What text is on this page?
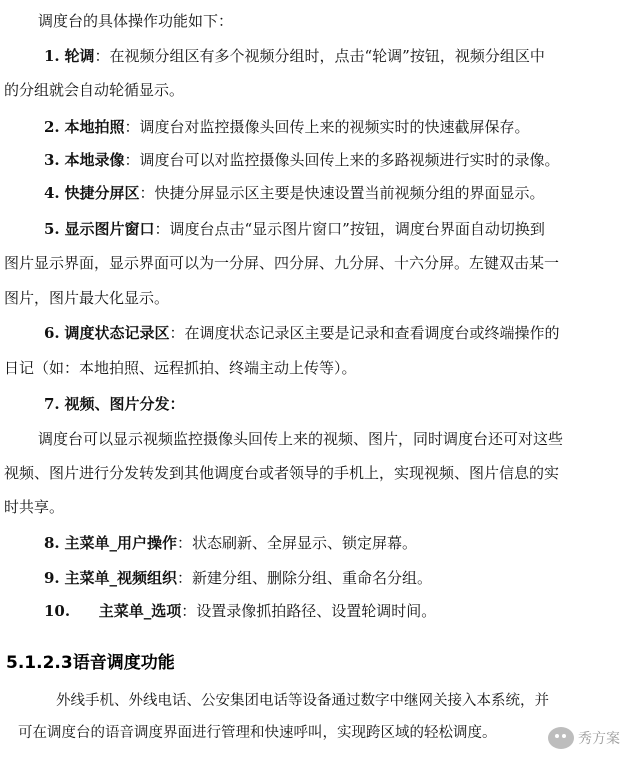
调度台的具体操作功能如下：
1. 轮调：在视频分组区有多个视频分组时，点击“轮调”按钮，视频分组区中
的分组就会自动轮循显示。
2. 本地拍照：调度台对监控摄像头回传上来的视频实时的快速截屏保存。
3. 本地录像：调度台可以对监控摄像头回传上来的多路视频进行实时的录像。
4. 快捷分屏区：快捷分屏显示区主要是快速设置当前视频分组的界面显示。
5. 显示图片窗口：调度台点击“显示图片窗口”按钮，调度台界面自动切换到
图片显示界面，显示界面可以为一分屏、四分屏、九分屏、十六分屏。左键双击某一
图片，图片最大化显示。
6. 调度状态记录区：在调度状态记录区主要是记录和查看调度台或终端操作的
日记（如：本地拍照、远程抓拍、终端主动上传等）。
7. 视频、图片分发：
调度台可以显示视频监控摄像头回传上来的视频、图片，同时调度台还可对这些
视频、图片进行分发转发到其他调度台或者领导的手机上，实现视频、图片信息的实
时共享。
8. 主菜单_用户操作：状态刷新、全屏显示、锁定屏幕。
9. 主菜单_视频组织：新建分组、删除分组、重命名分组。
10. 主菜单_选项：设置录像抓拍路径、设置轮调时间。
5.1.2.3语音调度功能
外线手机、外线电话、公安集团电话等设备通过数字中继网关接入本系统，并
可在调度台的语音调度界面进行管理和快速呼叫，实现跨区域的轻松调度。	秀方案
